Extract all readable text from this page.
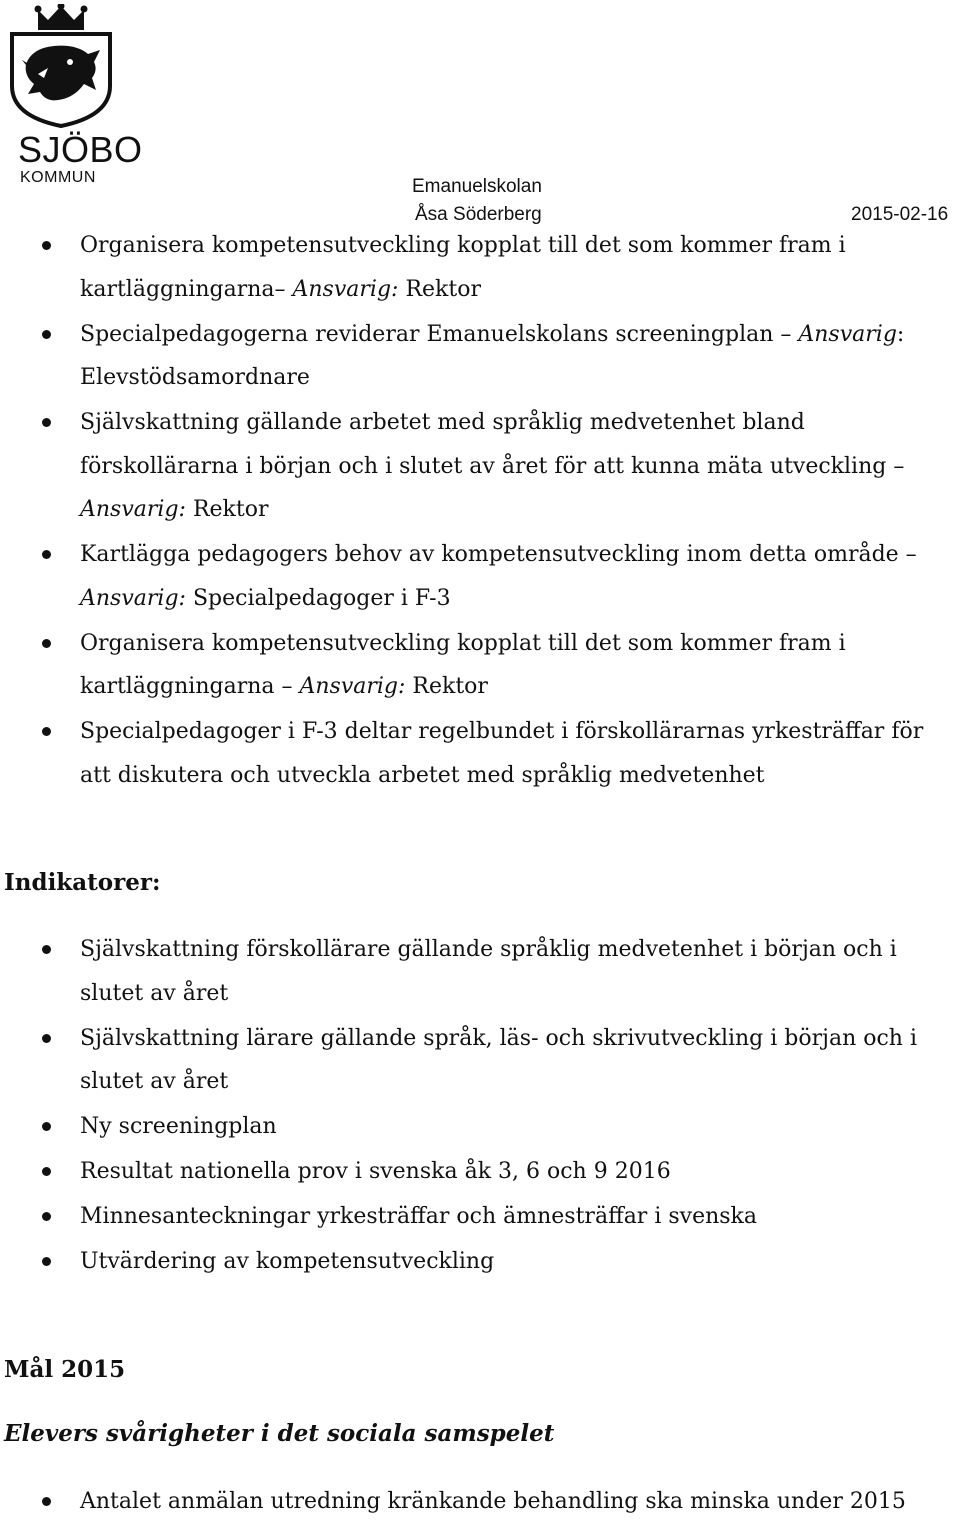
SJÖBO
KOMMUN	Emanuelskolan
Åsa Söderberg	2015-02-16
Organisera kompetensutveckling kopplat till det som kommer fram i kartläggningarna– Ansvarig: Rektor
Specialpedagogerna reviderar Emanuelskolans screeningplan – Ansvarig: Elevstödsamordnare
Självskattning gällande arbetet med språklig medvetenhet bland förskollärarna i början och i slutet av året för att kunna mäta utveckling – Ansvarig: Rektor
Kartlägga pedagogers behov av kompetensutveckling inom detta område – Ansvarig: Specialpedagoger i F-3
Organisera kompetensutveckling kopplat till det som kommer fram i kartläggningarna – Ansvarig: Rektor
Specialpedagoger i F-3 deltar regelbundet i förskollärarnas yrkesträffar för att diskutera och utveckla arbetet med språklig medvetenhet
Indikatorer:
Självskattning förskollärare gällande språklig medvetenhet i början och i slutet av året
Självskattning lärare gällande språk, läs- och skrivutveckling i början och i slutet av året
Ny screeningplan
Resultat nationella prov i svenska åk 3, 6 och 9 2016
Minnesanteckningar yrkesträffar och ämnesträffar i svenska
Utvärdering av kompetensutveckling
Mål 2015
Elevers svårigheter i det sociala samspelet
Antalet anmälan utredning kränkande behandling ska minska under 2015
